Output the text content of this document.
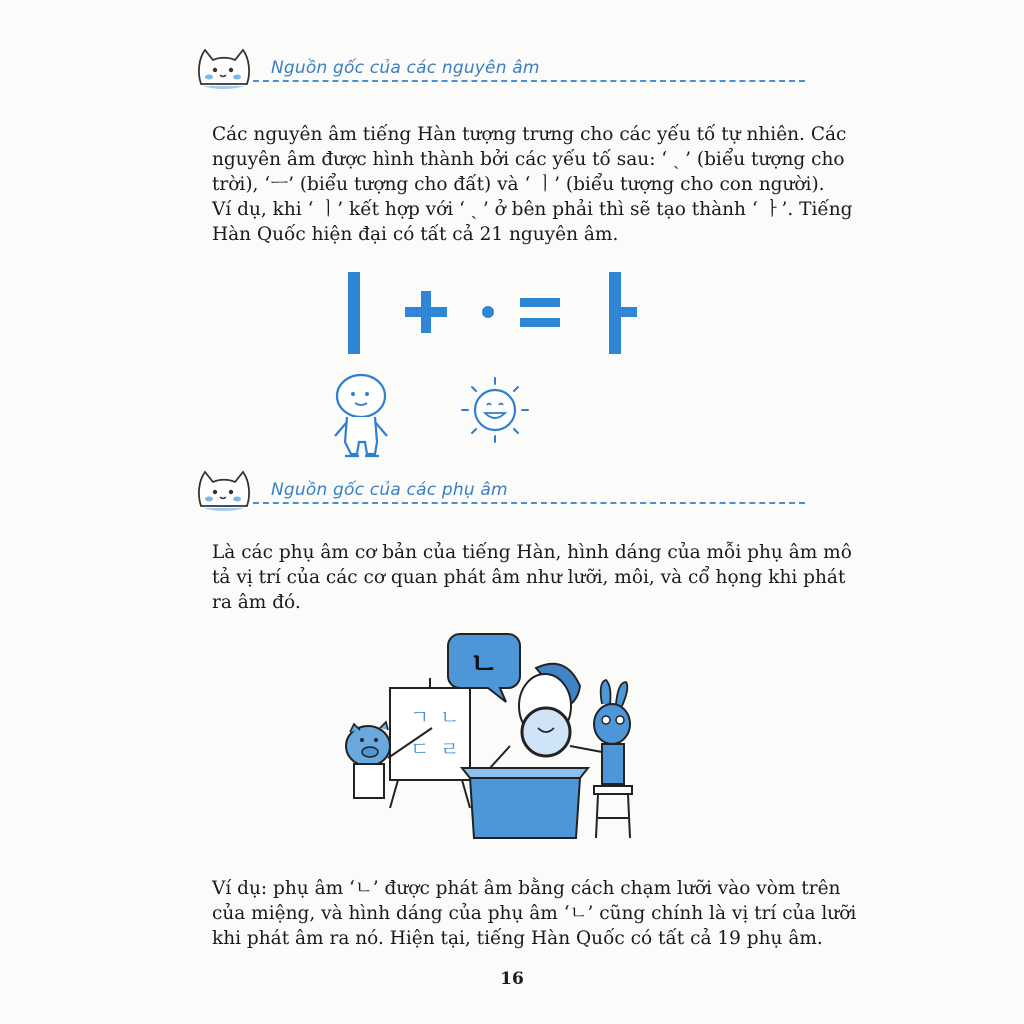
Nguồn gốc của các nguyên âm

Các nguyên âm tiếng Hàn tượng trưng cho các yếu tố tự nhiên. Các

nguyên âm được hình thành bởi các yếu tố sau: ‘ ˎ ’ (biểu tượng cho

trời), ‘ㅡ’ (biểu tượng cho đất) và ‘ ㅣ’ (biểu tượng cho con người).

Ví dụ, khi ‘ ㅣ’ kết hợp với ‘ ˎ ’ ở bên phải thì sẽ tạo thành ‘ ㅏ’. Tiếng

Hàn Quốc hiện đại có tất cả 21 nguyên âm.

Nguồn gốc của các phụ âm

Là các phụ âm cơ bản của tiếng Hàn, hình dáng của mỗi phụ âm mô

tả vị trí của các cơ quan phát âm như lưỡi, môi, và cổ họng khi phát

ra âm đó.

ㄴ
ㄱ ㄴ
ㄷ ㄹ

Ví dụ: phụ âm ‘ㄴ’ được phát âm bằng cách chạm lưỡi vào vòm trên

của miệng, và hình dáng của phụ âm ‘ㄴ’ cũng chính là vị trí của lưỡi

khi phát âm ra nó. Hiện tại, tiếng Hàn Quốc có tất cả 19 phụ âm.

16
